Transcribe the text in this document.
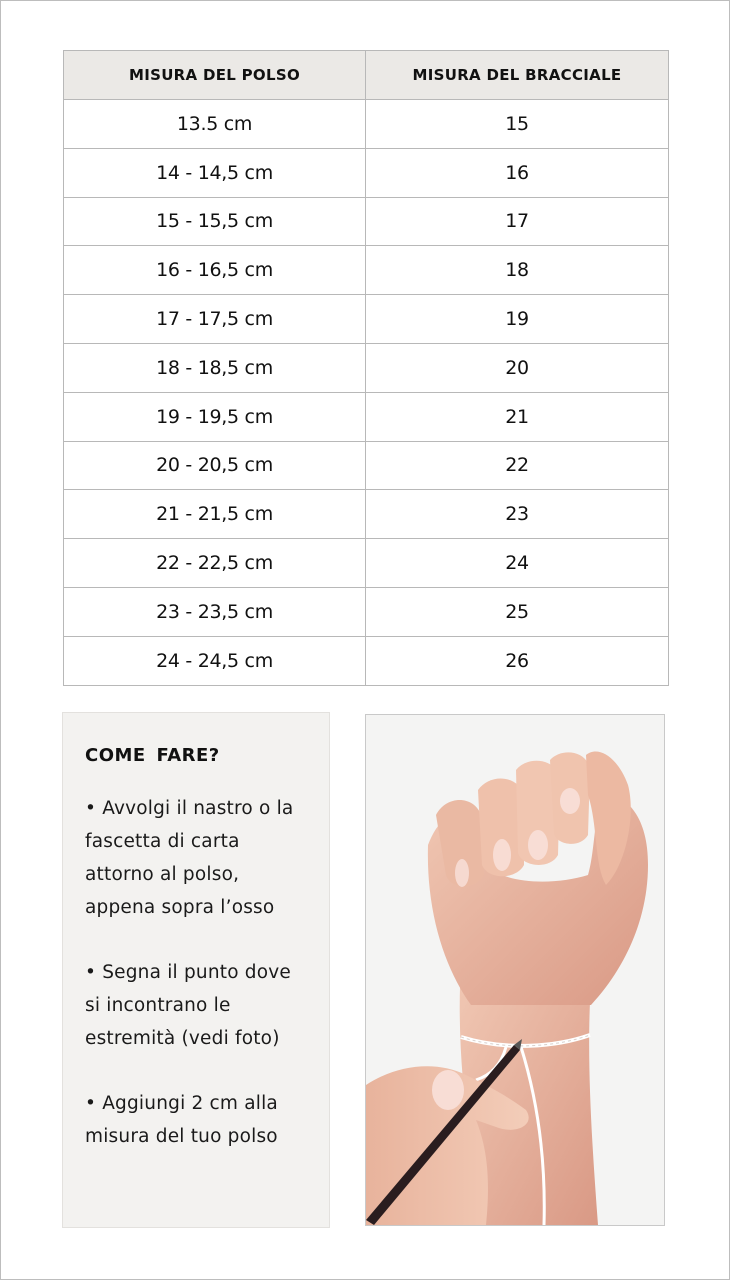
MISURA DEL POLSO	MISURA DEL BRACCIALE
13.5 cm	15
14 - 14,5 cm	16
15 - 15,5 cm	17
16 - 16,5 cm	18
17 - 17,5 cm	19
18 - 18,5 cm	20
19 - 19,5 cm	21
20 - 20,5 cm	22
21 - 21,5 cm	23
22 - 22,5 cm	24
23 - 23,5 cm	25
24 - 24,5 cm	26
COME FARE?

• Avvolgi il nastro o la fascetta di carta attorno al polso, appena sopra l’osso

• Segna il punto dove si incontrano le estremità (vedi foto)

• Aggiungi 2 cm alla misura del tuo polso
